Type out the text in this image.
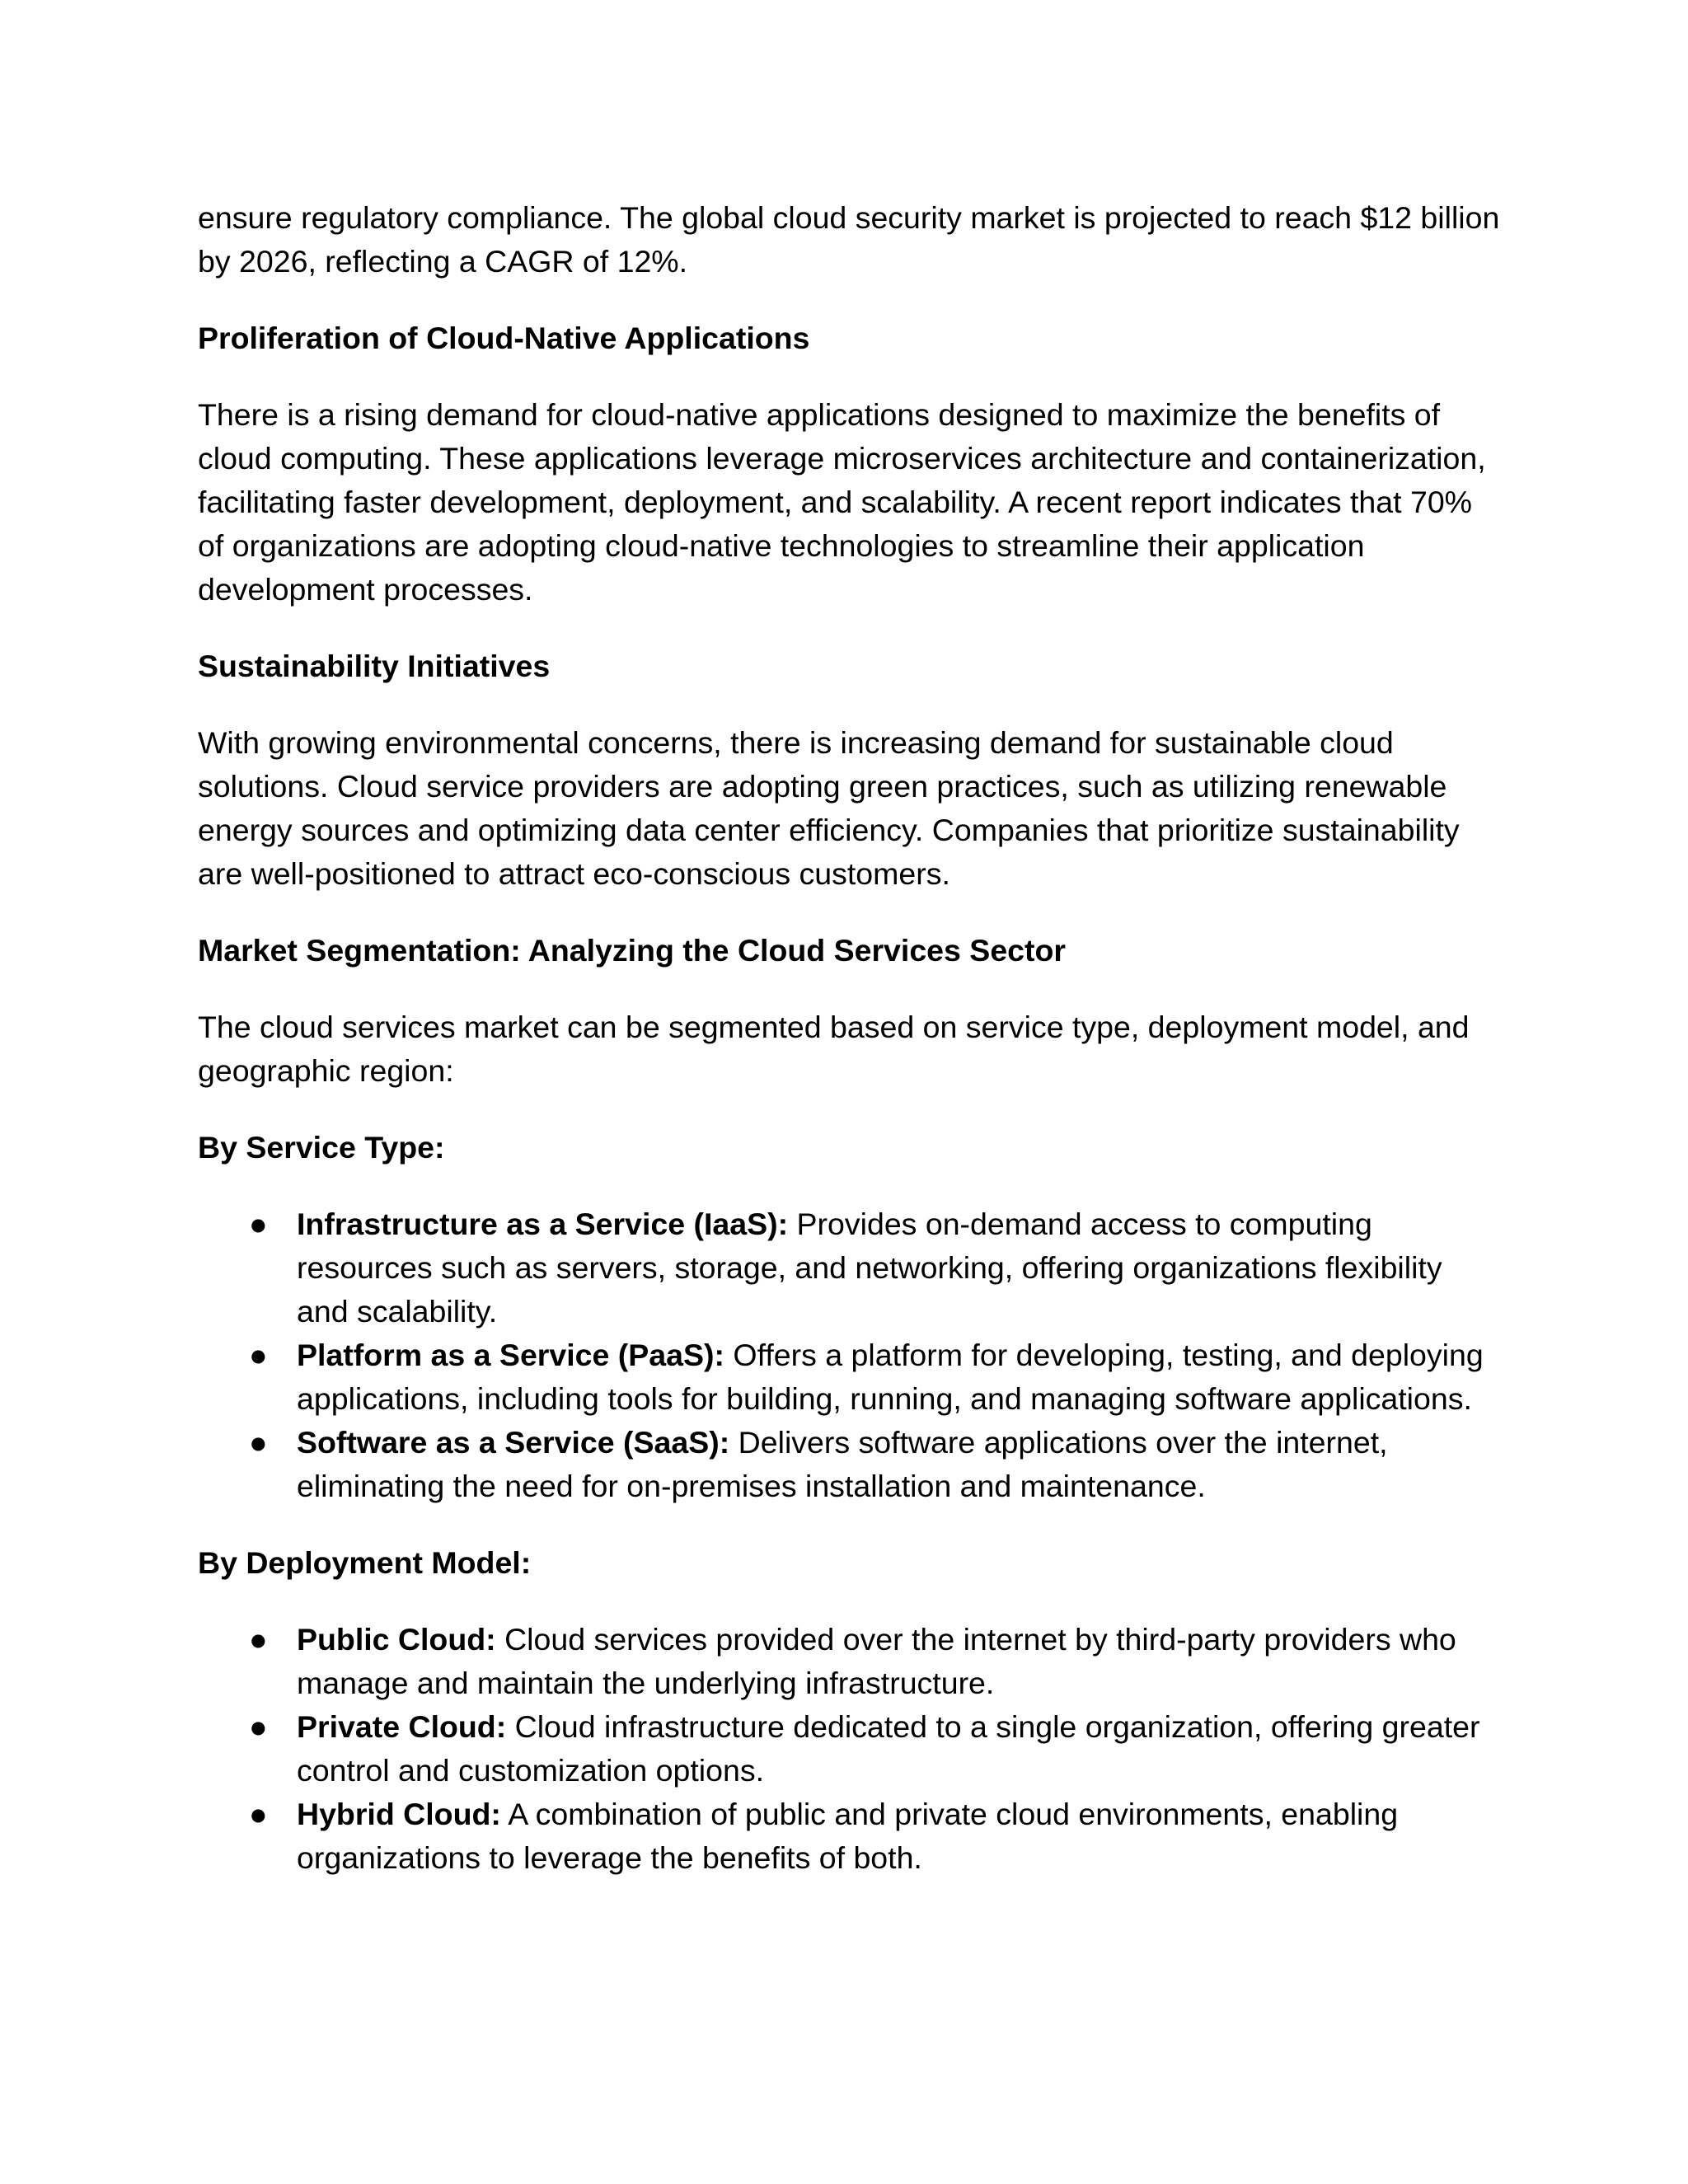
ensure regulatory compliance. The global cloud security market is projected to reach $12 billion by 2026, reflecting a CAGR of 12%.

Proliferation of Cloud-Native Applications

There is a rising demand for cloud-native applications designed to maximize the benefits of cloud computing. These applications leverage microservices architecture and containerization, facilitating faster development, deployment, and scalability. A recent report indicates that 70% of organizations are adopting cloud-native technologies to streamline their application development processes.

Sustainability Initiatives

With growing environmental concerns, there is increasing demand for sustainable cloud solutions. Cloud service providers are adopting green practices, such as utilizing renewable energy sources and optimizing data center efficiency. Companies that prioritize sustainability are well-positioned to attract eco-conscious customers.

Market Segmentation: Analyzing the Cloud Services Sector

The cloud services market can be segmented based on service type, deployment model, and geographic region:

By Service Type:

● Infrastructure as a Service (IaaS): Provides on-demand access to computing resources such as servers, storage, and networking, offering organizations flexibility and scalability.
● Platform as a Service (PaaS): Offers a platform for developing, testing, and deploying applications, including tools for building, running, and managing software applications.
● Software as a Service (SaaS): Delivers software applications over the internet, eliminating the need for on-premises installation and maintenance.

By Deployment Model:

● Public Cloud: Cloud services provided over the internet by third-party providers who manage and maintain the underlying infrastructure.
● Private Cloud: Cloud infrastructure dedicated to a single organization, offering greater control and customization options.
● Hybrid Cloud: A combination of public and private cloud environments, enabling organizations to leverage the benefits of both.
